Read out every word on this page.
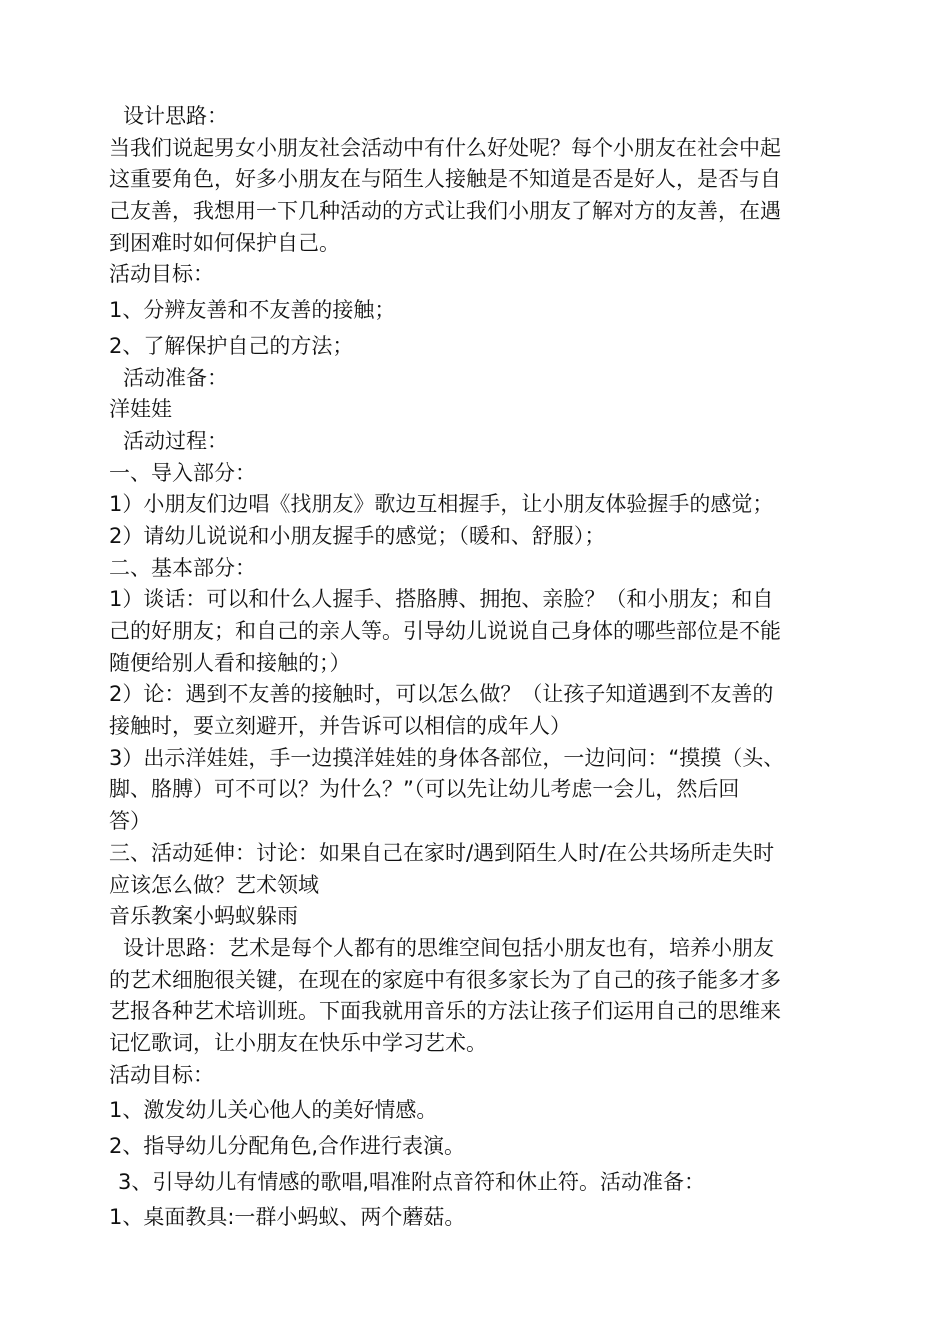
设计思路：
当我们说起男女小朋友社会活动中有什么好处呢？每个小朋友在社会中起
这重要角色，好多小朋友在与陌生人接触是不知道是否是好人，是否与自
己友善，我想用一下几种活动的方式让我们小朋友了解对方的友善，在遇
到困难时如何保护自己。
活动目标：
1、分辨友善和不友善的接触；
2、了解保护自己的方法；
活动准备：
洋娃娃
活动过程：
一、导入部分：
1）小朋友们边唱《找朋友》歌边互相握手，让小朋友体验握手的感觉；
2）请幼儿说说和小朋友握手的感觉；（暖和、舒服）；
二、基本部分：
1）谈话：可以和什么人握手、搭胳膊、拥抱、亲脸？（和小朋友；和自
己的好朋友；和自己的亲人等。引导幼儿说说自己身体的哪些部位是不能
随便给别人看和接触的；）
2）论：遇到不友善的接触时，可以怎么做？（让孩子知道遇到不友善的
接触时，要立刻避开，并告诉可以相信的成年人）
3）出示洋娃娃，手一边摸洋娃娃的身体各部位，一边问问：“摸摸（头、
脚、胳膊）可不可以？为什么？”（可以先让幼儿考虑一会儿，然后回
答）
三、活动延伸：讨论：如果自己在家时/遇到陌生人时/在公共场所走失时
应该怎么做？艺术领域
音乐教案小蚂蚁躲雨
设计思路：艺术是每个人都有的思维空间包括小朋友也有，培养小朋友
的艺术细胞很关键，在现在的家庭中有很多家长为了自己的孩子能多才多
艺报各种艺术培训班。下面我就用音乐的方法让孩子们运用自己的思维来
记忆歌词，让小朋友在快乐中学习艺术。
活动目标：
1、激发幼儿关心他人的美好情感。
2、指导幼儿分配角色,合作进行表演。
3、引导幼儿有情感的歌唱,唱准附点音符和休止符。活动准备：
1、桌面教具:一群小蚂蚁、两个蘑菇。
